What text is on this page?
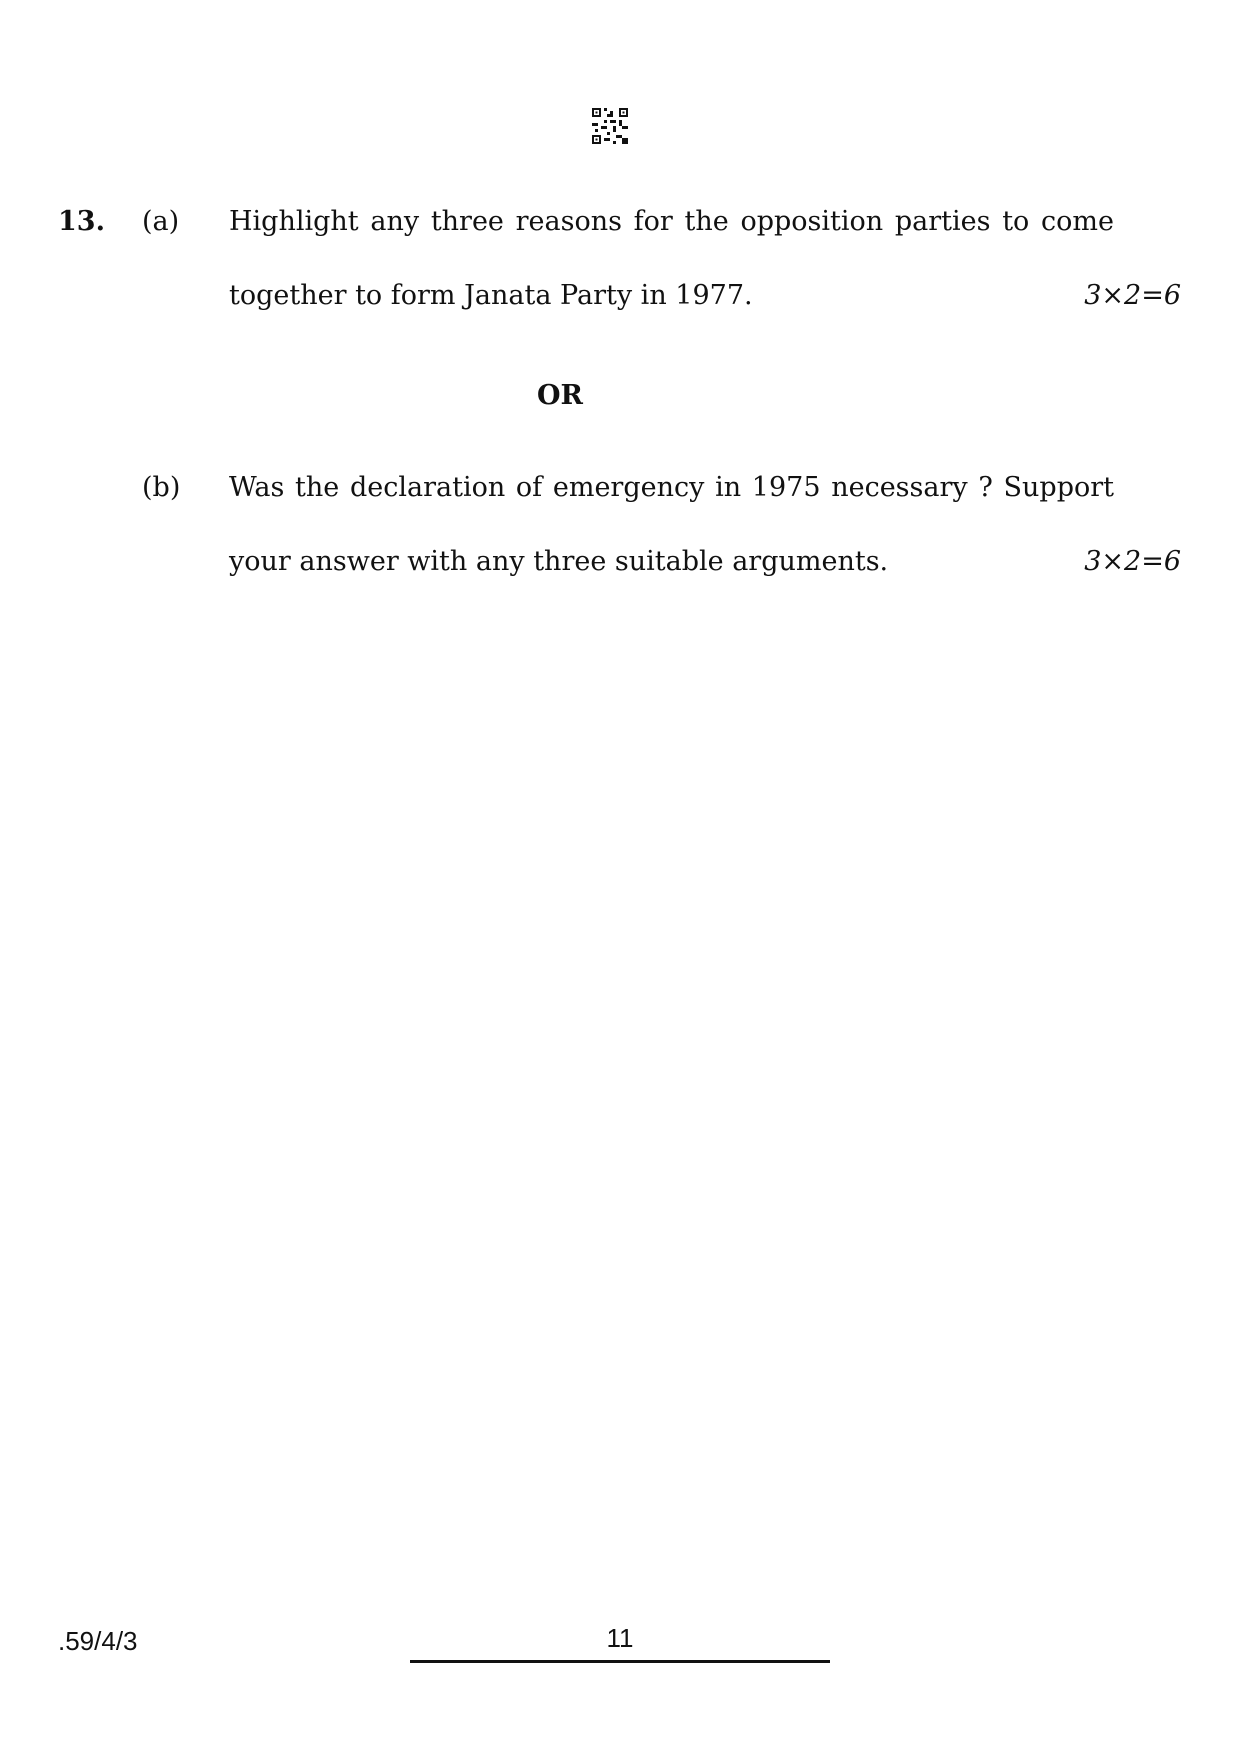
13. (a) Highlight any three reasons for the opposition parties to come
together to form Janata Party in 1977.	3×2=6
OR
(b) Was the declaration of emergency in 1975 necessary ? Support
your answer with any three suitable arguments.	3×2=6
.59/4/3	11
